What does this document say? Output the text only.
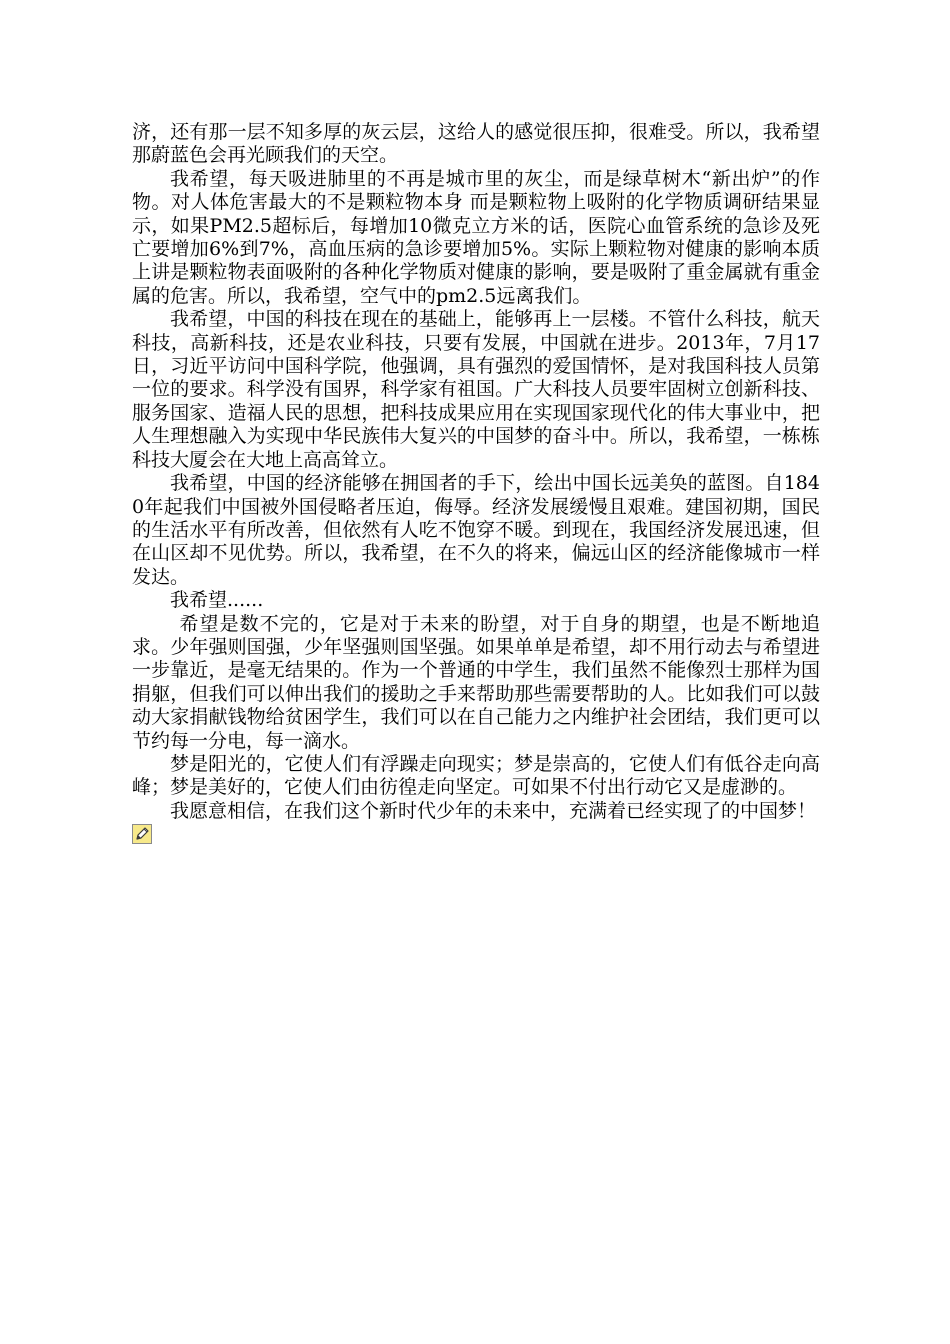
济，还有那一层不知多厚的灰云层，这给人的感觉很压抑，很难受。所以，我希望那蔚蓝色会再光顾我们的天空。

我希望，每天吸进肺里的不再是城市里的灰尘，而是绿草树木“新出炉”的作物。对人体危害最大的不是颗粒物本身 而是颗粒物上吸附的化学物质调研结果显示，如果PM2.5超标后，每增加10微克立方米的话，医院心血管系统的急诊及死亡要增加6%到7%，高血压病的急诊要增加5%。实际上颗粒物对健康的影响本质上讲是颗粒物表面吸附的各种化学物质对健康的影响，要是吸附了重金属就有重金属的危害。所以，我希望，空气中的pm2.5远离我们。

我希望，中国的科技在现在的基础上，能够再上一层楼。不管什么科技，航天科技，高新科技，还是农业科技，只要有发展，中国就在进步。2013年，7月17日，习近平访问中国科学院，他强调，具有强烈的爱国情怀，是对我国科技人员第一位的要求。科学没有国界，科学家有祖国。广大科技人员要牢固树立创新科技、服务国家、造福人民的思想，把科技成果应用在实现国家现代化的伟大事业中，把人生理想融入为实现中华民族伟大复兴的中国梦的奋斗中。所以，我希望，一栋栋科技大厦会在大地上高高耸立。

我希望，中国的经济能够在拥国者的手下，绘出中国长远美奂的蓝图。自1840年起我们中国被外国侵略者压迫，侮辱。经济发展缓慢且艰难。建国初期，国民的生活水平有所改善，但依然有人吃不饱穿不暖。到现在，我国经济发展迅速，但在山区却不见优势。所以，我希望，在不久的将来，偏远山区的经济能像城市一样发达。

我希望......

希望是数不完的，它是对于未来的盼望，对于自身的期望，也是不断地追求。少年强则国强，少年坚强则国坚强。如果单单是希望，却不用行动去与希望进一步靠近，是毫无结果的。作为一个普通的中学生，我们虽然不能像烈士那样为国捐躯，但我们可以伸出我们的援助之手来帮助那些需要帮助的人。比如我们可以鼓动大家捐献钱物给贫困学生，我们可以在自己能力之内维护社会团结，我们更可以节约每一分电，每一滴水。

梦是阳光的，它使人们有浮躁走向现实；梦是崇高的，它使人们有低谷走向高峰；梦是美好的，它使人们由彷徨走向坚定。可如果不付出行动它又是虚渺的。

我愿意相信，在我们这个新时代少年的未来中，充满着已经实现了的中国梦！
